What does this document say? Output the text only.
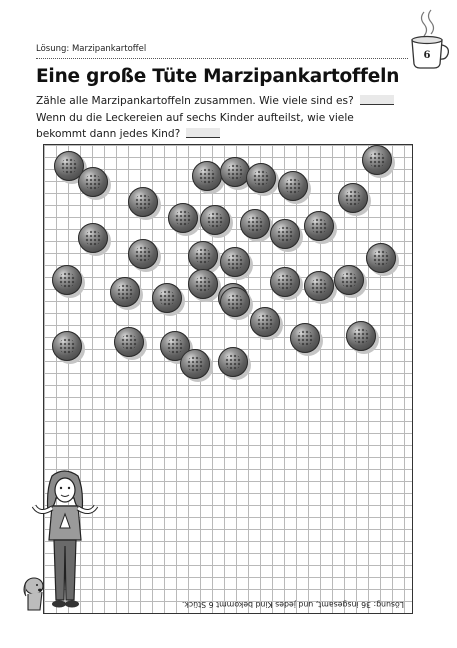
Lösung: Marzipankartoffel
6
Eine große Tüte Marzipankartoffeln
Zähle alle Marzipankartoffeln zusammen. Wie viele sind es?
Wenn du die Leckereien auf sechs Kinder aufteilst, wie viele
bekommt dann jedes Kind?
Lösung: 36 insgesamt, und jedes Kind bekommt 6 Stück.
